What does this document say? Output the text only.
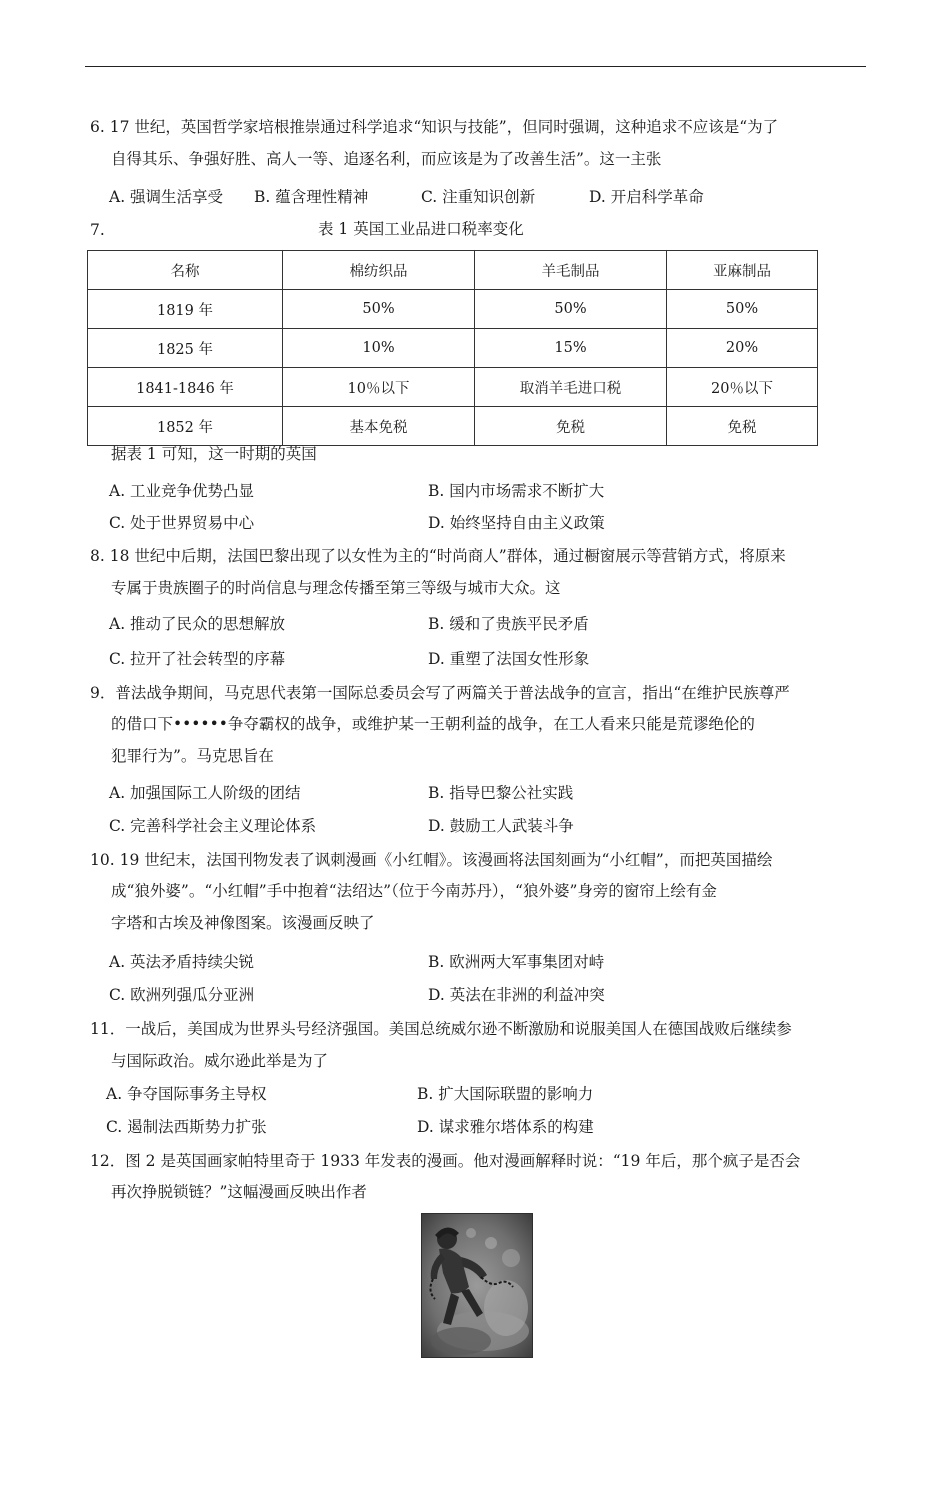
6. 17 世纪，英国哲学家培根推崇通过科学追求“知识与技能”，但同时强调，这种追求不应该是“为了
自得其乐、争强好胜、高人一等、追逐名利，而应该是为了改善生活”。这一主张
A. 强调生活享受 B. 蕴含理性精神	C. 注重知识创新	D. 开启科学革命
7.	表 1 英国工业品进口税率变化
名称	棉纺织品	羊毛制品	亚麻制品
1819 年	50%	50%	50%
1825 年	10%	15%	20%
1841-1846 年	10％以下	取消羊毛进口税	20％以下
1852 年	基本免税	免税	免税
据表 1 可知，这一时期的英国
A. 工业竞争优势凸显	B. 国内市场需求不断扩大
C. 处于世界贸易中心	D. 始终坚持自由主义政策
8. 18 世纪中后期，法国巴黎出现了以女性为主的“时尚商人”群体，通过橱窗展示等营销方式，将原来
专属于贵族圈子的时尚信息与理念传播至第三等级与城市大众。这
A. 推动了民众的思想解放	B. 缓和了贵族平民矛盾
C. 拉开了社会转型的序幕	D. 重塑了法国女性形象
9．普法战争期间，马克思代表第一国际总委员会写了两篇关于普法战争的宣言，指出“在维护民族尊严
的借口下••••••争夺霸权的战争，或维护某一王朝利益的战争，在工人看来只能是荒谬绝伦的
犯罪行为”。马克思旨在
A. 加强国际工人阶级的团结	B. 指导巴黎公社实践
C. 完善科学社会主义理论体系	D. 鼓励工人武装斗争
10. 19 世纪末，法国刊物发表了讽刺漫画《小红帽》。该漫画将法国刻画为“小红帽”，而把英国描绘
成“狼外婆”。“小红帽”手中抱着“法绍达”（位于今南苏丹），“狼外婆”身旁的窗帘上绘有金
字塔和古埃及神像图案。该漫画反映了
A. 英法矛盾持续尖锐	B. 欧洲两大军事集团对峙
C. 欧洲列强瓜分亚洲	D. 英法在非洲的利益冲突
11．一战后，美国成为世界头号经济强国。美国总统威尔逊不断激励和说服美国人在德国战败后继续参
与国际政治。威尔逊此举是为了
A. 争夺国际事务主导权	B. 扩大国际联盟的影响力
C. 遏制法西斯势力扩张	D. 谋求雅尔塔体系的构建
12．图 2 是英国画家帕特里奇于 1933 年发表的漫画。他对漫画解释时说：“19 年后，那个疯子是否会
再次挣脱锁链？”这幅漫画反映出作者
